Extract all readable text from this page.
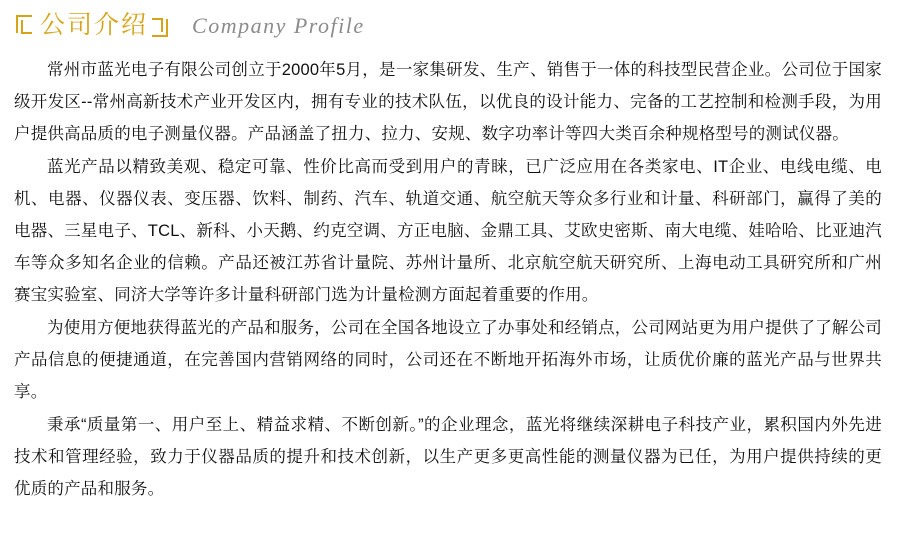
公司介绍 Company Profile

常州市蓝光电子有限公司创立于2000年5月，是一家集研发、生产、销售于一体的科技型民营企业。公司位于国家级开发区--常州高新技术产业开发区内，拥有专业的技术队伍，以优良的设计能力、完备的工艺控制和检测手段，为用户提供高品质的电子测量仪器。产品涵盖了扭力、拉力、安规、数字功率计等四大类百余种规格型号的测试仪器。

蓝光产品以精致美观、稳定可靠、性价比高而受到用户的青睐，已广泛应用在各类家电、IT企业、电线电缆、电机、电器、仪器仪表、变压器、饮料、制药、汽车、轨道交通、航空航天等众多行业和计量、科研部门，赢得了美的电器、三星电子、TCL、新科、小天鹅、约克空调、方正电脑、金鼎工具、艾欧史密斯、南大电缆、娃哈哈、比亚迪汽车等众多知名企业的信赖。产品还被江苏省计量院、苏州计量所、北京航空航天研究所、上海电动工具研究所和广州赛宝实验室、同济大学等许多计量科研部门选为计量检测方面起着重要的作用。

为使用方便地获得蓝光的产品和服务，公司在全国各地设立了办事处和经销点，公司网站更为用户提供了了解公司产品信息的便捷通道，在完善国内营销网络的同时，公司还在不断地开拓海外市场，让质优价廉的蓝光产品与世界共享。

秉承“质量第一、用户至上、精益求精、不断创新。”的企业理念，蓝光将继续深耕电子科技产业，累积国内外先进技术和管理经验，致力于仪器品质的提升和技术创新，以生产更多更高性能的测量仪器为已任，为用户提供持续的更优质的产品和服务。
